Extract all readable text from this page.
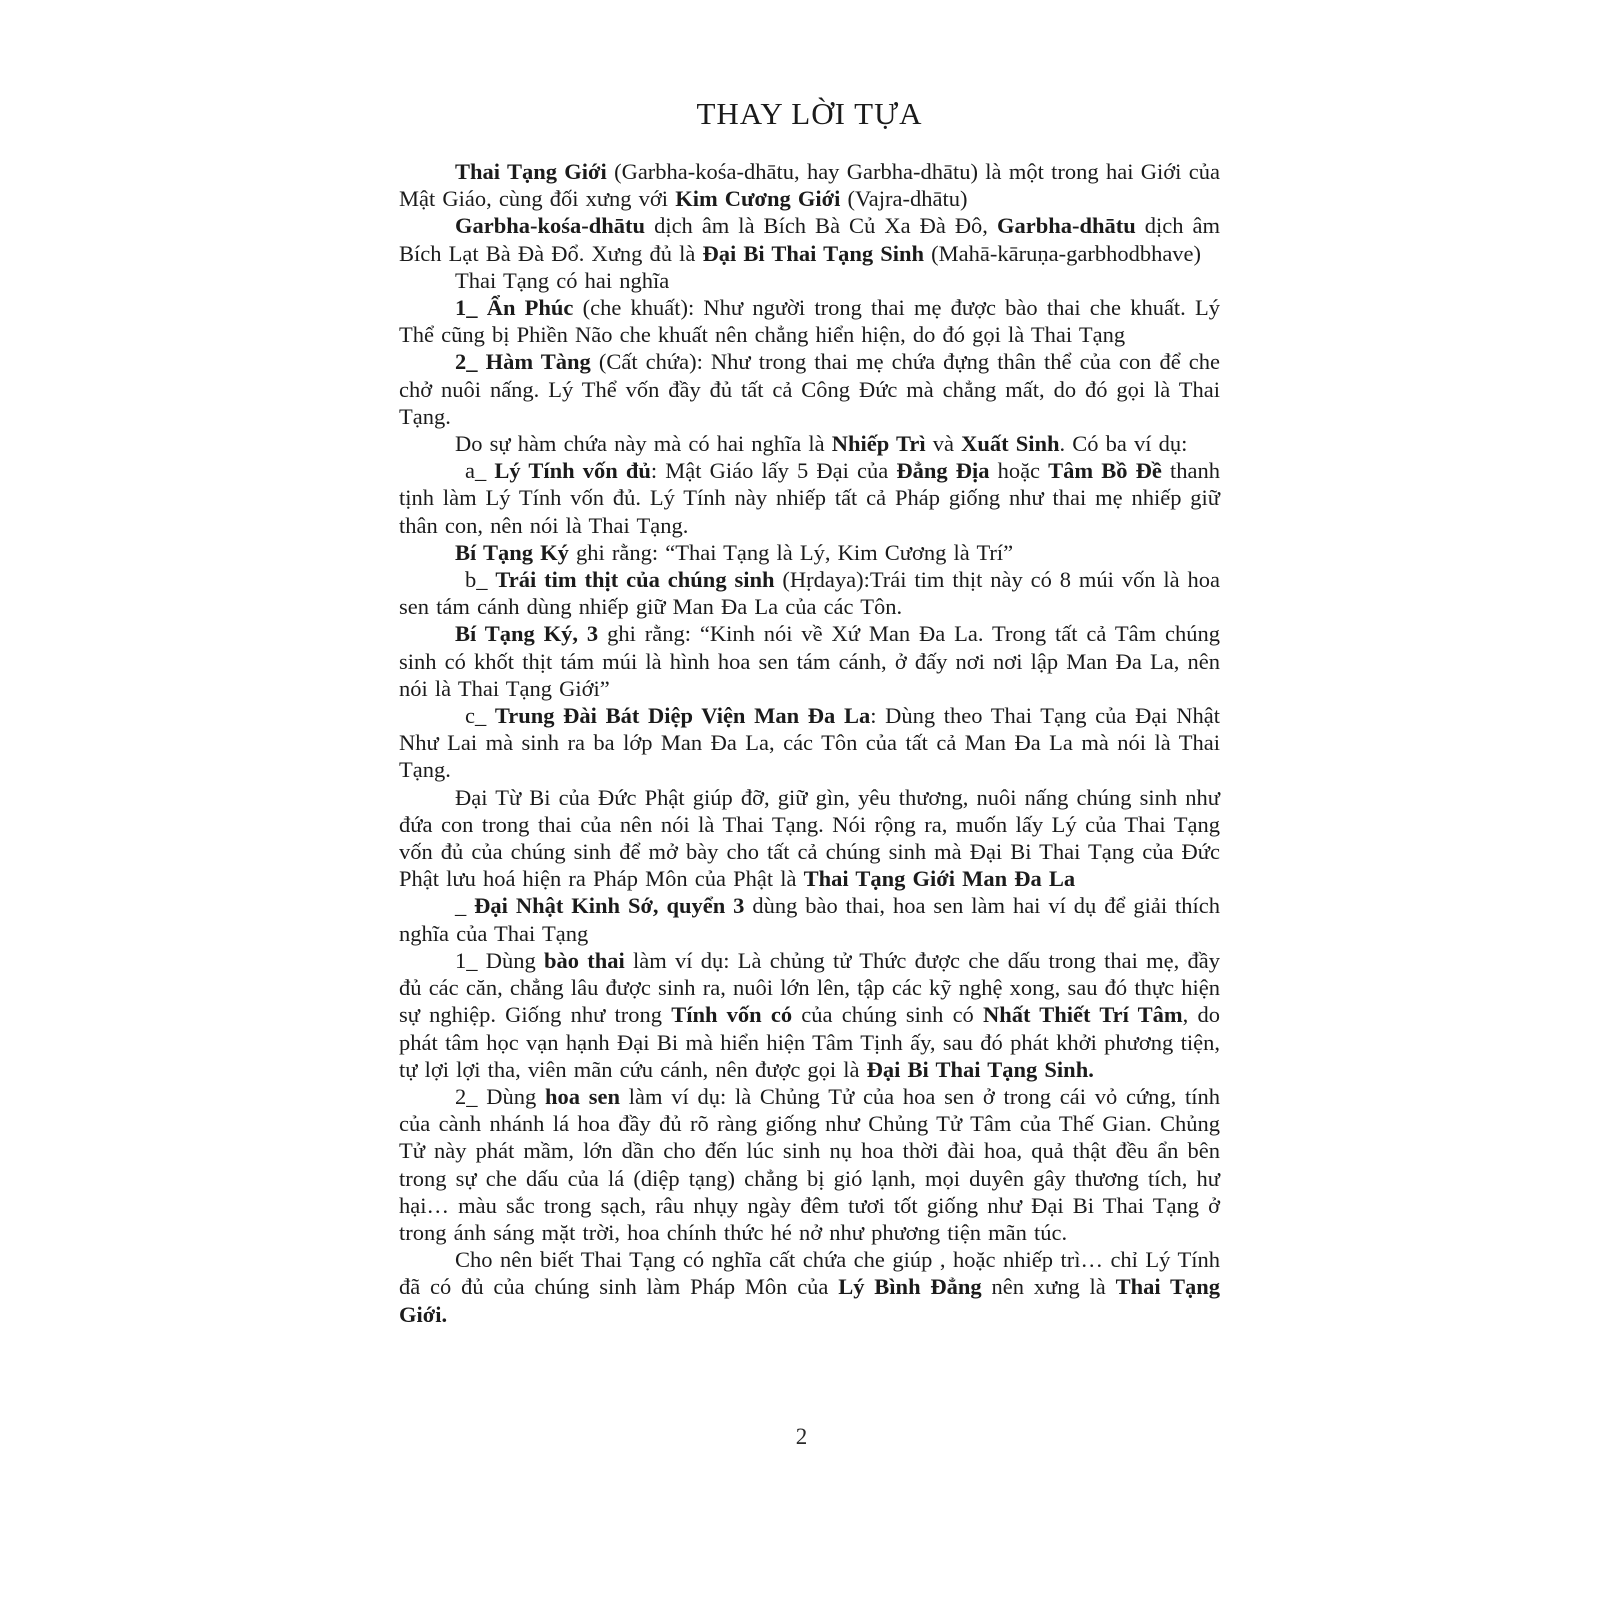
THAY LỜI TỰA

Thai Tạng Giới (Garbha-kośa-dhātu, hay Garbha-dhātu) là một trong hai Giới của Mật Giáo, cùng đối xưng với Kim Cương Giới (Vajra-dhātu)

Garbha-kośa-dhātu dịch âm là Bích Bà Củ Xa Đà Đô, Garbha-dhātu dịch âm Bích Lạt Bà Đà Đổ. Xưng đủ là Đại Bi Thai Tạng Sinh (Mahā-kāruṇa-garbhodbhave)

Thai Tạng có hai nghĩa

1_ Ẩn Phúc (che khuất): Như người trong thai mẹ được bào thai che khuất. Lý Thể cũng bị Phiền Não che khuất nên chẳng hiển hiện, do đó gọi là Thai Tạng

2_ Hàm Tàng (Cất chứa): Như trong thai mẹ chứa đựng thân thể của con để che chở nuôi nấng. Lý Thể vốn đầy đủ tất cả Công Đức mà chẳng mất, do đó gọi là Thai Tạng.

Do sự hàm chứa này mà có hai nghĩa là Nhiếp Trì và Xuất Sinh. Có ba ví dụ:

a_ Lý Tính vốn đủ: Mật Giáo lấy 5 Đại của Đẳng Địa hoặc Tâm Bồ Đề thanh tịnh làm Lý Tính vốn đủ. Lý Tính này nhiếp tất cả Pháp giống như thai mẹ nhiếp giữ thân con, nên nói là Thai Tạng.

Bí Tạng Ký ghi rằng: “Thai Tạng là Lý, Kim Cương là Trí”

b_ Trái tim thịt của chúng sinh (Hṛdaya):Trái tim thịt này có 8 múi vốn là hoa sen tám cánh dùng nhiếp giữ Man Đa La của các Tôn.

Bí Tạng Ký, 3 ghi rằng: “Kinh nói về Xứ Man Đa La. Trong tất cả Tâm chúng sinh có khốt thịt tám múi là hình hoa sen tám cánh, ở đấy nơi nơi lập Man Đa La, nên nói là Thai Tạng Giới”

c_ Trung Đài Bát Diệp Viện Man Đa La: Dùng theo Thai Tạng của Đại Nhật Như Lai mà sinh ra ba lớp Man Đa La, các Tôn của tất cả Man Đa La mà nói là Thai Tạng.

Đại Từ Bi của Đức Phật giúp đỡ, giữ gìn, yêu thương, nuôi nấng chúng sinh như đứa con trong thai của nên nói là Thai Tạng. Nói rộng ra, muốn lấy Lý của Thai Tạng vốn đủ của chúng sinh để mở bày cho tất cả chúng sinh mà Đại Bi Thai Tạng của Đức Phật lưu hoá hiện ra Pháp Môn của Phật là Thai Tạng Giới Man Đa La

_ Đại Nhật Kinh Sớ, quyển 3 dùng bào thai, hoa sen làm hai ví dụ để giải thích nghĩa của Thai Tạng

1_ Dùng bào thai làm ví dụ: Là chủng tử Thức được che dấu trong thai mẹ, đầy đủ các căn, chẳng lâu được sinh ra, nuôi lớn lên, tập các kỹ nghệ xong, sau đó thực hiện sự nghiệp. Giống như trong Tính vốn có của chúng sinh có Nhất Thiết Trí Tâm, do phát tâm học vạn hạnh Đại Bi mà hiển hiện Tâm Tịnh ấy, sau đó phát khởi phương tiện, tự lợi lợi tha, viên mãn cứu cánh, nên được gọi là Đại Bi Thai Tạng Sinh.

2_ Dùng hoa sen làm ví dụ: là Chủng Tử của hoa sen ở trong cái vỏ cứng, tính của cành nhánh lá hoa đầy đủ rõ ràng giống như Chủng Tử Tâm của Thế Gian. Chủng Tử này phát mầm, lớn dần cho đến lúc sinh nụ hoa thời đài hoa, quả thật đều ẩn bên trong sự che dấu của lá (diệp tạng) chẳng bị gió lạnh, mọi duyên gây thương tích, hư hại… màu sắc trong sạch, râu nhụy ngày đêm tươi tốt giống như Đại Bi Thai Tạng ở trong ánh sáng mặt trời, hoa chính thức hé nở như phương tiện mãn túc.

Cho nên biết Thai Tạng có nghĩa cất chứa che giúp , hoặc nhiếp trì… chỉ Lý Tính đã có đủ của chúng sinh làm Pháp Môn của Lý Bình Đẳng nên xưng là Thai Tạng Giới.

2
